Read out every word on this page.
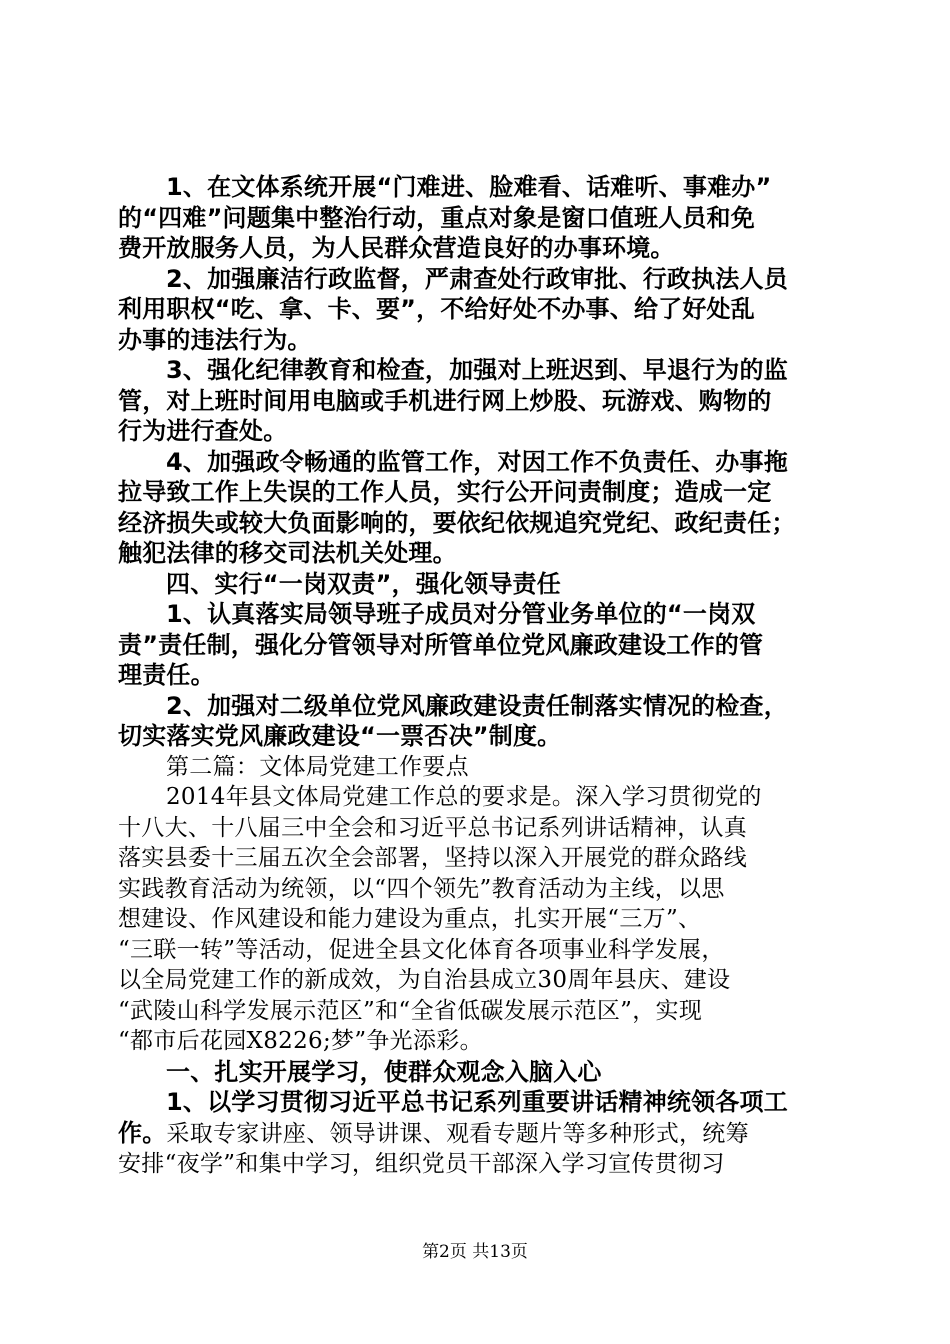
1、在文体系统开展“门难进、脸难看、话难听、事难办”
的“四难”问题集中整治行动，重点对象是窗口值班人员和免
费开放服务人员，为人民群众营造良好的办事环境。
2、加强廉洁行政监督，严肃查处行政审批、行政执法人员
利用职权“吃、拿、卡、要”，不给好处不办事、给了好处乱
办事的违法行为。
3、强化纪律教育和检查，加强对上班迟到、早退行为的监
管，对上班时间用电脑或手机进行网上炒股、玩游戏、购物的
行为进行查处。
4、加强政令畅通的监管工作，对因工作不负责任、办事拖
拉导致工作上失误的工作人员，实行公开问责制度；造成一定
经济损失或较大负面影响的，要依纪依规追究党纪、政纪责任；
触犯法律的移交司法机关处理。
四、实行“一岗双责”，强化领导责任
1、认真落实局领导班子成员对分管业务单位的“一岗双
责”责任制，强化分管领导对所管单位党风廉政建设工作的管
理责任。
2、加强对二级单位党风廉政建设责任制落实情况的检查，
切实落实党风廉政建设“一票否决”制度。
第二篇：文体局党建工作要点
2014年县文体局党建工作总的要求是。深入学习贯彻党的
十八大、十八届三中全会和习近平总书记系列讲话精神，认真
落实县委十三届五次全会部署，坚持以深入开展党的群众路线
实践教育活动为统领，以“四个领先”教育活动为主线，以思
想建设、作风建设和能力建设为重点，扎实开展“三万”、
“三联一转”等活动，促进全县文化体育各项事业科学发展，
以全局党建工作的新成效，为自治县成立30周年县庆、建设
“武陵山科学发展示范区”和“全省低碳发展示范区”，实现
“都市后花园X8226;梦”争光添彩。
一、扎实开展学习，使群众观念入脑入心
1、以学习贯彻习近平总书记系列重要讲话精神统领各项工
作。采取专家讲座、领导讲课、观看专题片等多种形式，统筹
安排“夜学”和集中学习，组织党员干部深入学习宣传贯彻习
第2页 共13页
